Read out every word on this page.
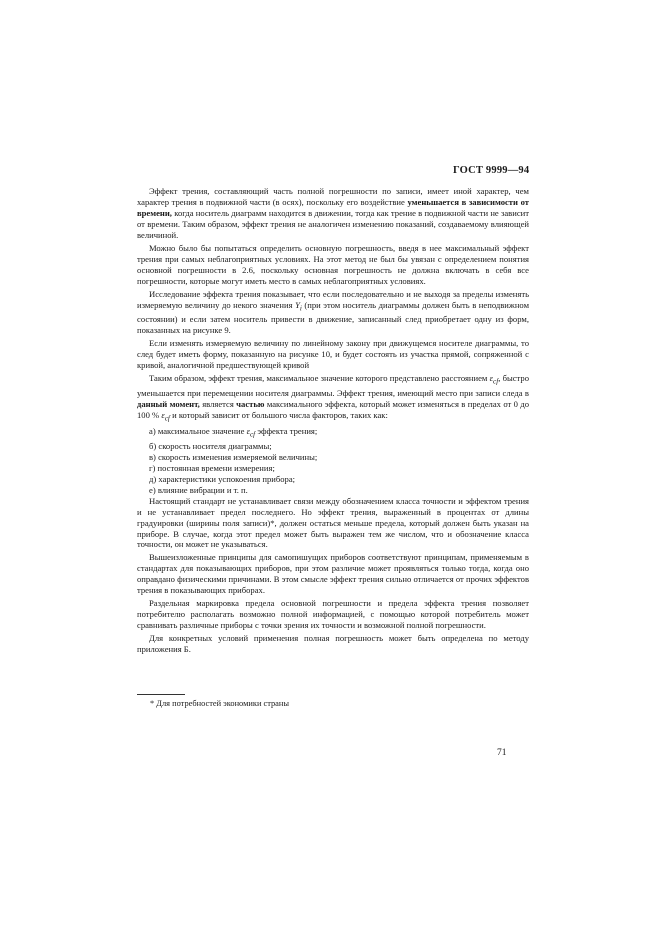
ГОСТ 9999—94

Эффект трения, составляющий часть полной погрешности по записи, имеет иной характер, чем характер трения в подвижной части (в осях), поскольку его воздействие уменьшается в зависимости от времени, когда носитель диаграмм находится в движении, тогда как трение в подвижной части не зависит от времени. Таким образом, эффект трения не аналогичен изменению показаний, создаваемому влияющей величиной.

Можно было бы попытаться определить основную погрешность, введя в нее максимальный эффект трения при самых неблагоприятных условиях. На этот метод не был бы увязан с определением понятия основной погрешности в 2.6, поскольку основная погрешность не должна включать в себя все погрешности, которые могут иметь место в самых неблагоприятных условиях.

Исследование эффекта трения показывает, что если последовательно и не выходя за пределы изменять измеряемую величину до некого значения $Y_i$ (при этом носитель диаграммы должен быть в неподвижном состоянии) и если затем носитель привести в движение, записанный след приобретает одну из форм, показанных на рисунке 9.

Если изменять измеряемую величину по линейному закону при движущемся носителе диаграммы, то след будет иметь форму, показанную на рисунке 10, и будет состоять из участка прямой, сопряженной с кривой, аналогичной предшествующей кривой

Таким образом, эффект трения, максимальное значение которого представлено расстоянием $\varepsilon_{cf}$, быстро уменьшается при перемещении носителя диаграммы. Эффект трения, имеющий место при записи следа в данный момент, является частью максимального эффекта, который может изменяться в пределах от 0 до 100 % $\varepsilon_{cf}$ и который зависит от большого числа факторов, таких как:

а) максимальное значение $\varepsilon_{cf}$ эффекта трения;

б) скорость носителя диаграммы;

в) скорость изменения измеряемой величины;

г) постоянная времени измерения;

д) характеристики успокоения прибора;

е) влияние вибрации и т. п.

Настоящий стандарт не устанавливает связи между обозначением класса точности и эффектом трения и не устанавливает предел последнего. Но эффект трения, выраженный в процентах от длины градуировки (ширины поля записи)*, должен остаться меньше предела, который должен быть указан на приборе. В случае, когда этот предел может быть выражен тем же числом, что и обозначение класса точности, он может не указываться.

Вышеизложенные принципы для самопишущих приборов соответствуют принципам, применяемым в стандартах для показывающих приборов, при этом различие может проявляться только тогда, когда оно оправдано физическими причинами. В этом смысле эффект трения сильно отличается от прочих эффектов трения в показывающих приборах.

Раздельная маркировка предела основной погрешности и предела эффекта трения позволяет потребителю располагать возможно полной информацией, с помощью которой потребитель может сравнивать различные приборы с точки зрения их точности и возможной полной погрешности.

Для конкретных условий применения полная погрешность может быть определена по методу приложения Б.

* Для потребностей экономики страны
71
